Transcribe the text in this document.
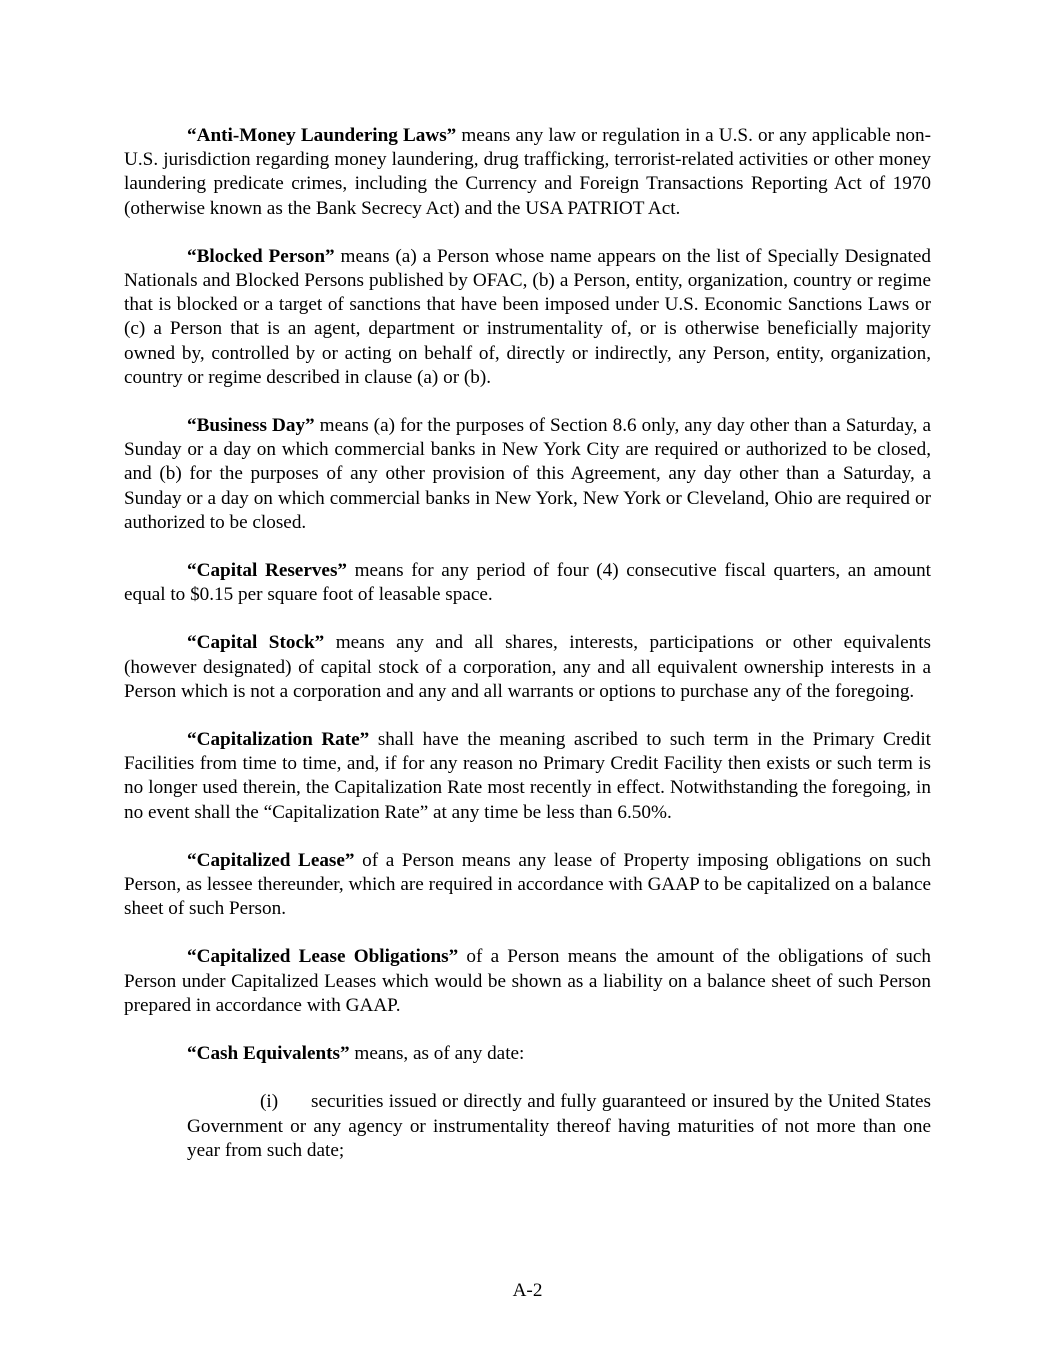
“Anti-Money Laundering Laws” means any law or regulation in a U.S. or any applicable non-U.S. jurisdiction regarding money laundering, drug trafficking, terrorist-related activities or other money laundering predicate crimes, including the Currency and Foreign Transactions Reporting Act of 1970 (otherwise known as the Bank Secrecy Act) and the USA PATRIOT Act.

“Blocked Person” means (a) a Person whose name appears on the list of Specially Designated Nationals and Blocked Persons published by OFAC, (b) a Person, entity, organization, country or regime that is blocked or a target of sanctions that have been imposed under U.S. Economic Sanctions Laws or (c) a Person that is an agent, department or instrumentality of, or is otherwise beneficially majority owned by, controlled by or acting on behalf of, directly or indirectly, any Person, entity, organization, country or regime described in clause (a) or (b).

“Business Day” means (a) for the purposes of Section 8.6 only, any day other than a Saturday, a Sunday or a day on which commercial banks in New York City are required or authorized to be closed, and (b) for the purposes of any other provision of this Agreement, any day other than a Saturday, a Sunday or a day on which commercial banks in New York, New York or Cleveland, Ohio are required or authorized to be closed.

“Capital Reserves” means for any period of four (4) consecutive fiscal quarters, an amount equal to $0.15 per square foot of leasable space.

“Capital Stock” means any and all shares, interests, participations or other equivalents (however designated) of capital stock of a corporation, any and all equivalent ownership interests in a Person which is not a corporation and any and all warrants or options to purchase any of the foregoing.

“Capitalization Rate” shall have the meaning ascribed to such term in the Primary Credit Facilities from time to time, and, if for any reason no Primary Credit Facility then exists or such term is no longer used therein, the Capitalization Rate most recently in effect. Notwithstanding the foregoing, in no event shall the “Capitalization Rate” at any time be less than 6.50%.

“Capitalized Lease” of a Person means any lease of Property imposing obligations on such Person, as lessee thereunder, which are required in accordance with GAAP to be capitalized on a balance sheet of such Person.

“Capitalized Lease Obligations” of a Person means the amount of the obligations of such Person under Capitalized Leases which would be shown as a liability on a balance sheet of such Person prepared in accordance with GAAP.

“Cash Equivalents” means, as of any date:

(i) securities issued or directly and fully guaranteed or insured by the United States Government or any agency or instrumentality thereof having maturities of not more than one year from such date;

A-2
